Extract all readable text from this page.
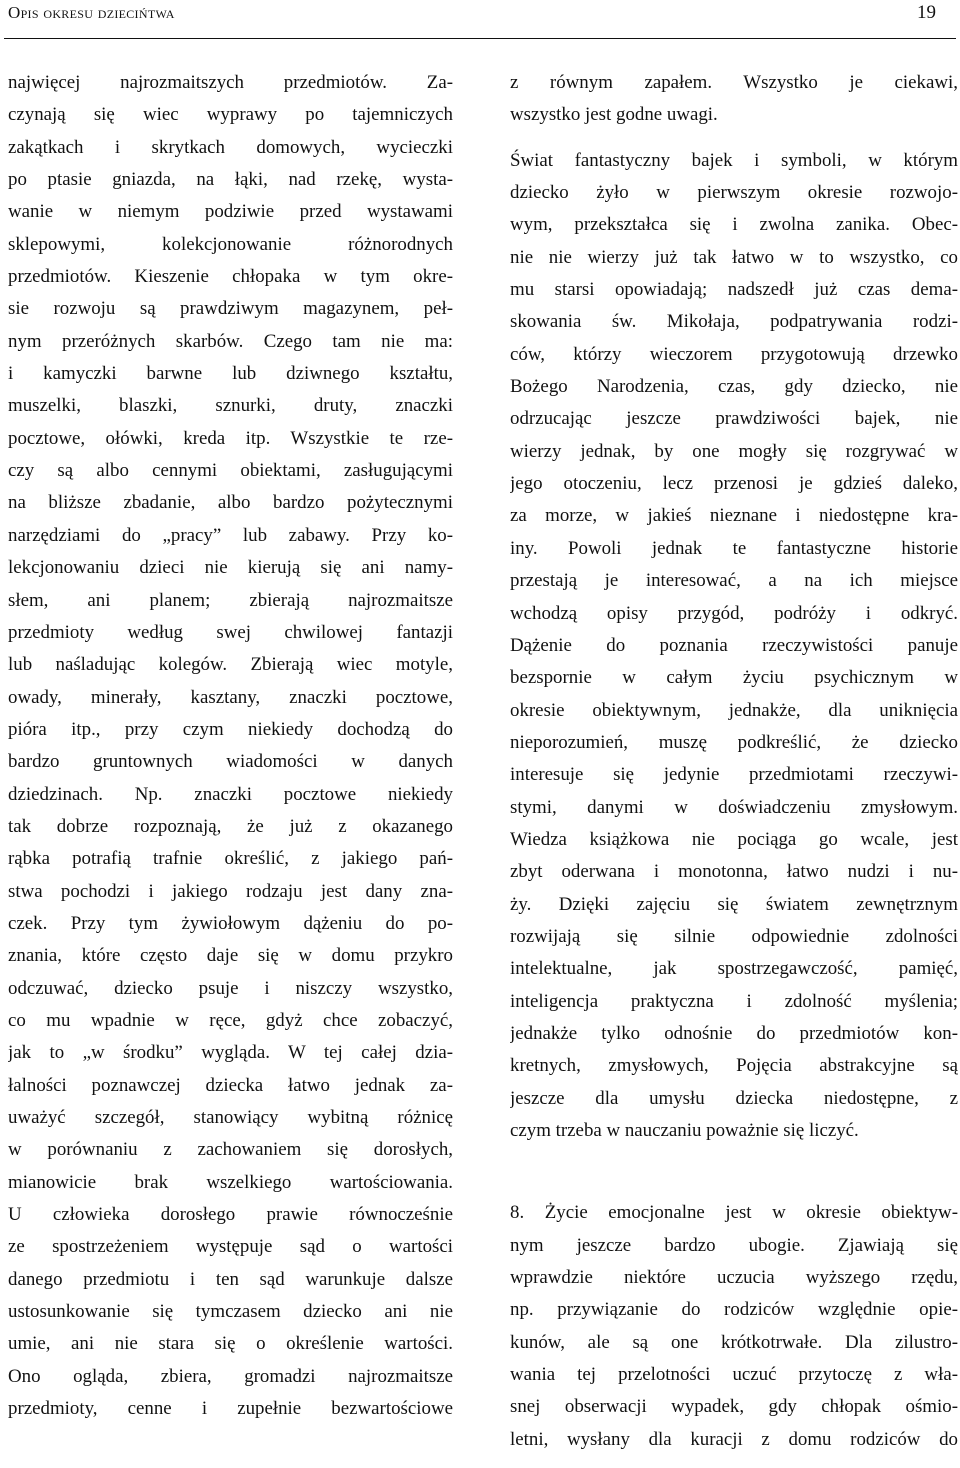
Opis okresu dziecińtwa	19
najwięcej najrozmaitszych przedmiotów. Za-
czynają się wiec wyprawy po tajemniczych
zakątkach i skrytkach domowych, wycieczki
po ptasie gniazda, na łąki, nad rzekę, wysta-
wanie w niemym podziwie przed wystawami
sklepowymi, kolekcjonowanie różnorodnych
przedmiotów. Kieszenie chłopaka w tym okre-
sie rozwoju są prawdziwym magazynem, peł-
nym przeróżnych skarbów. Czego tam nie ma:
i kamyczki barwne lub dziwnego kształtu,
muszelki, blaszki, sznurki, druty, znaczki
pocztowe, ołówki, kreda itp. Wszystkie te rze-
czy są albo cennymi obiektami, zasługującymi
na bliższe zbadanie, albo bardzo pożytecznymi
narzędziami do „pracy” lub zabawy. Przy ko-
lekcjonowaniu dzieci nie kierują się ani namy-
słem, ani planem; zbierają najrozmaitsze
przedmioty według swej chwilowej fantazji
lub naśladując kolegów. Zbierają wiec motyle,
owady, minerały, kasztany, znaczki pocztowe,
pióra itp., przy czym niekiedy dochodzą do
bardzo gruntownych wiadomości w danych
dziedzinach. Np. znaczki pocztowe niekiedy
tak dobrze rozpoznają, że już z okazanego
rąbka potrafią trafnie określić, z jakiego pań-
stwa pochodzi i jakiego rodzaju jest dany zna-
czek. Przy tym żywiołowym dążeniu do po-
znania, które często daje się w domu przykro
odczuwać, dziecko psuje i niszczy wszystko,
co mu wpadnie w ręce, gdyż chce zobaczyć,
jak to „w środku” wygląda. W tej całej dzia-
łalności poznawczej dziecka łatwo jednak za-
uważyć szczegół, stanowiący wybitną różnicę
w porównaniu z zachowaniem się dorosłych,
mianowicie brak wszelkiego wartościowania.
U człowieka dorosłego prawie równocześnie
ze spostrzeżeniem występuje sąd o wartości
danego przedmiotu i ten sąd warunkuje dalsze
ustosunkowanie się tymczasem dziecko ani nie
umie, ani nie stara się o określenie wartości.
Ono ogląda, zbiera, gromadzi najrozmaitsze
przedmioty, cenne i zupełnie bezwartościowe
z równym zapałem. Wszystko je ciekawi,
wszystko jest godne uwagi.
Świat fantastyczny bajek i symboli, w którym
dziecko żyło w pierwszym okresie rozwojo-
wym, przekształca się i zwolna zanika. Obec-
nie nie wierzy już tak łatwo w to wszystko, co
mu starsi opowiadają; nadszedł już czas dema-
skowania św. Mikołaja, podpatrywania rodzi-
ców, którzy wieczorem przygotowują drzewko
Bożego Narodzenia, czas, gdy dziecko, nie
odrzucając jeszcze prawdziwości bajek, nie
wierzy jednak, by one mogły się rozgrywać w
jego otoczeniu, lecz przenosi je gdzieś daleko,
za morze, w jakieś nieznane i niedostępne kra-
iny. Powoli jednak te fantastyczne historie
przestają je interesować, a na ich miejsce
wchodzą opisy przygód, podróży i odkryć.
Dążenie do poznania rzeczywistości panuje
bezspornie w całym życiu psychicznym w
okresie obiektywnym, jednakże, dla uniknięcia
nieporozumień, muszę podkreślić, że dziecko
interesuje się jedynie przedmiotami rzeczywi-
stymi, danymi w doświadczeniu zmysłowym.
Wiedza książkowa nie pociąga go wcale, jest
zbyt oderwana i monotonna, łatwo nudzi i nu-
ży. Dzięki zajęciu się światem zewnętrznym
rozwijają się silnie odpowiednie zdolności
intelektualne, jak spostrzegawczość, pamięć,
inteligencja praktyczna i zdolność myślenia;
jednakże tylko odnośnie do przedmiotów kon-
kretnych, zmysłowych, Pojęcia abstrakcyjne są
jeszcze dla umysłu dziecka niedostępne, z
czym trzeba w nauczaniu poważnie się liczyć.
8. Życie emocjonalne jest w okresie obiektyw-
nym jeszcze bardzo ubogie. Zjawiają się
wprawdzie niektóre uczucia wyższego rzędu,
np. przywiązanie do rodziców względnie opie-
kunów, ale są one krótkotrwałe. Dla zilustro-
wania tej przelotności uczuć przytoczę z wła-
snej obserwacji wypadek, gdy chłopak ośmio-
letni, wysłany dla kuracji z domu rodziców do
